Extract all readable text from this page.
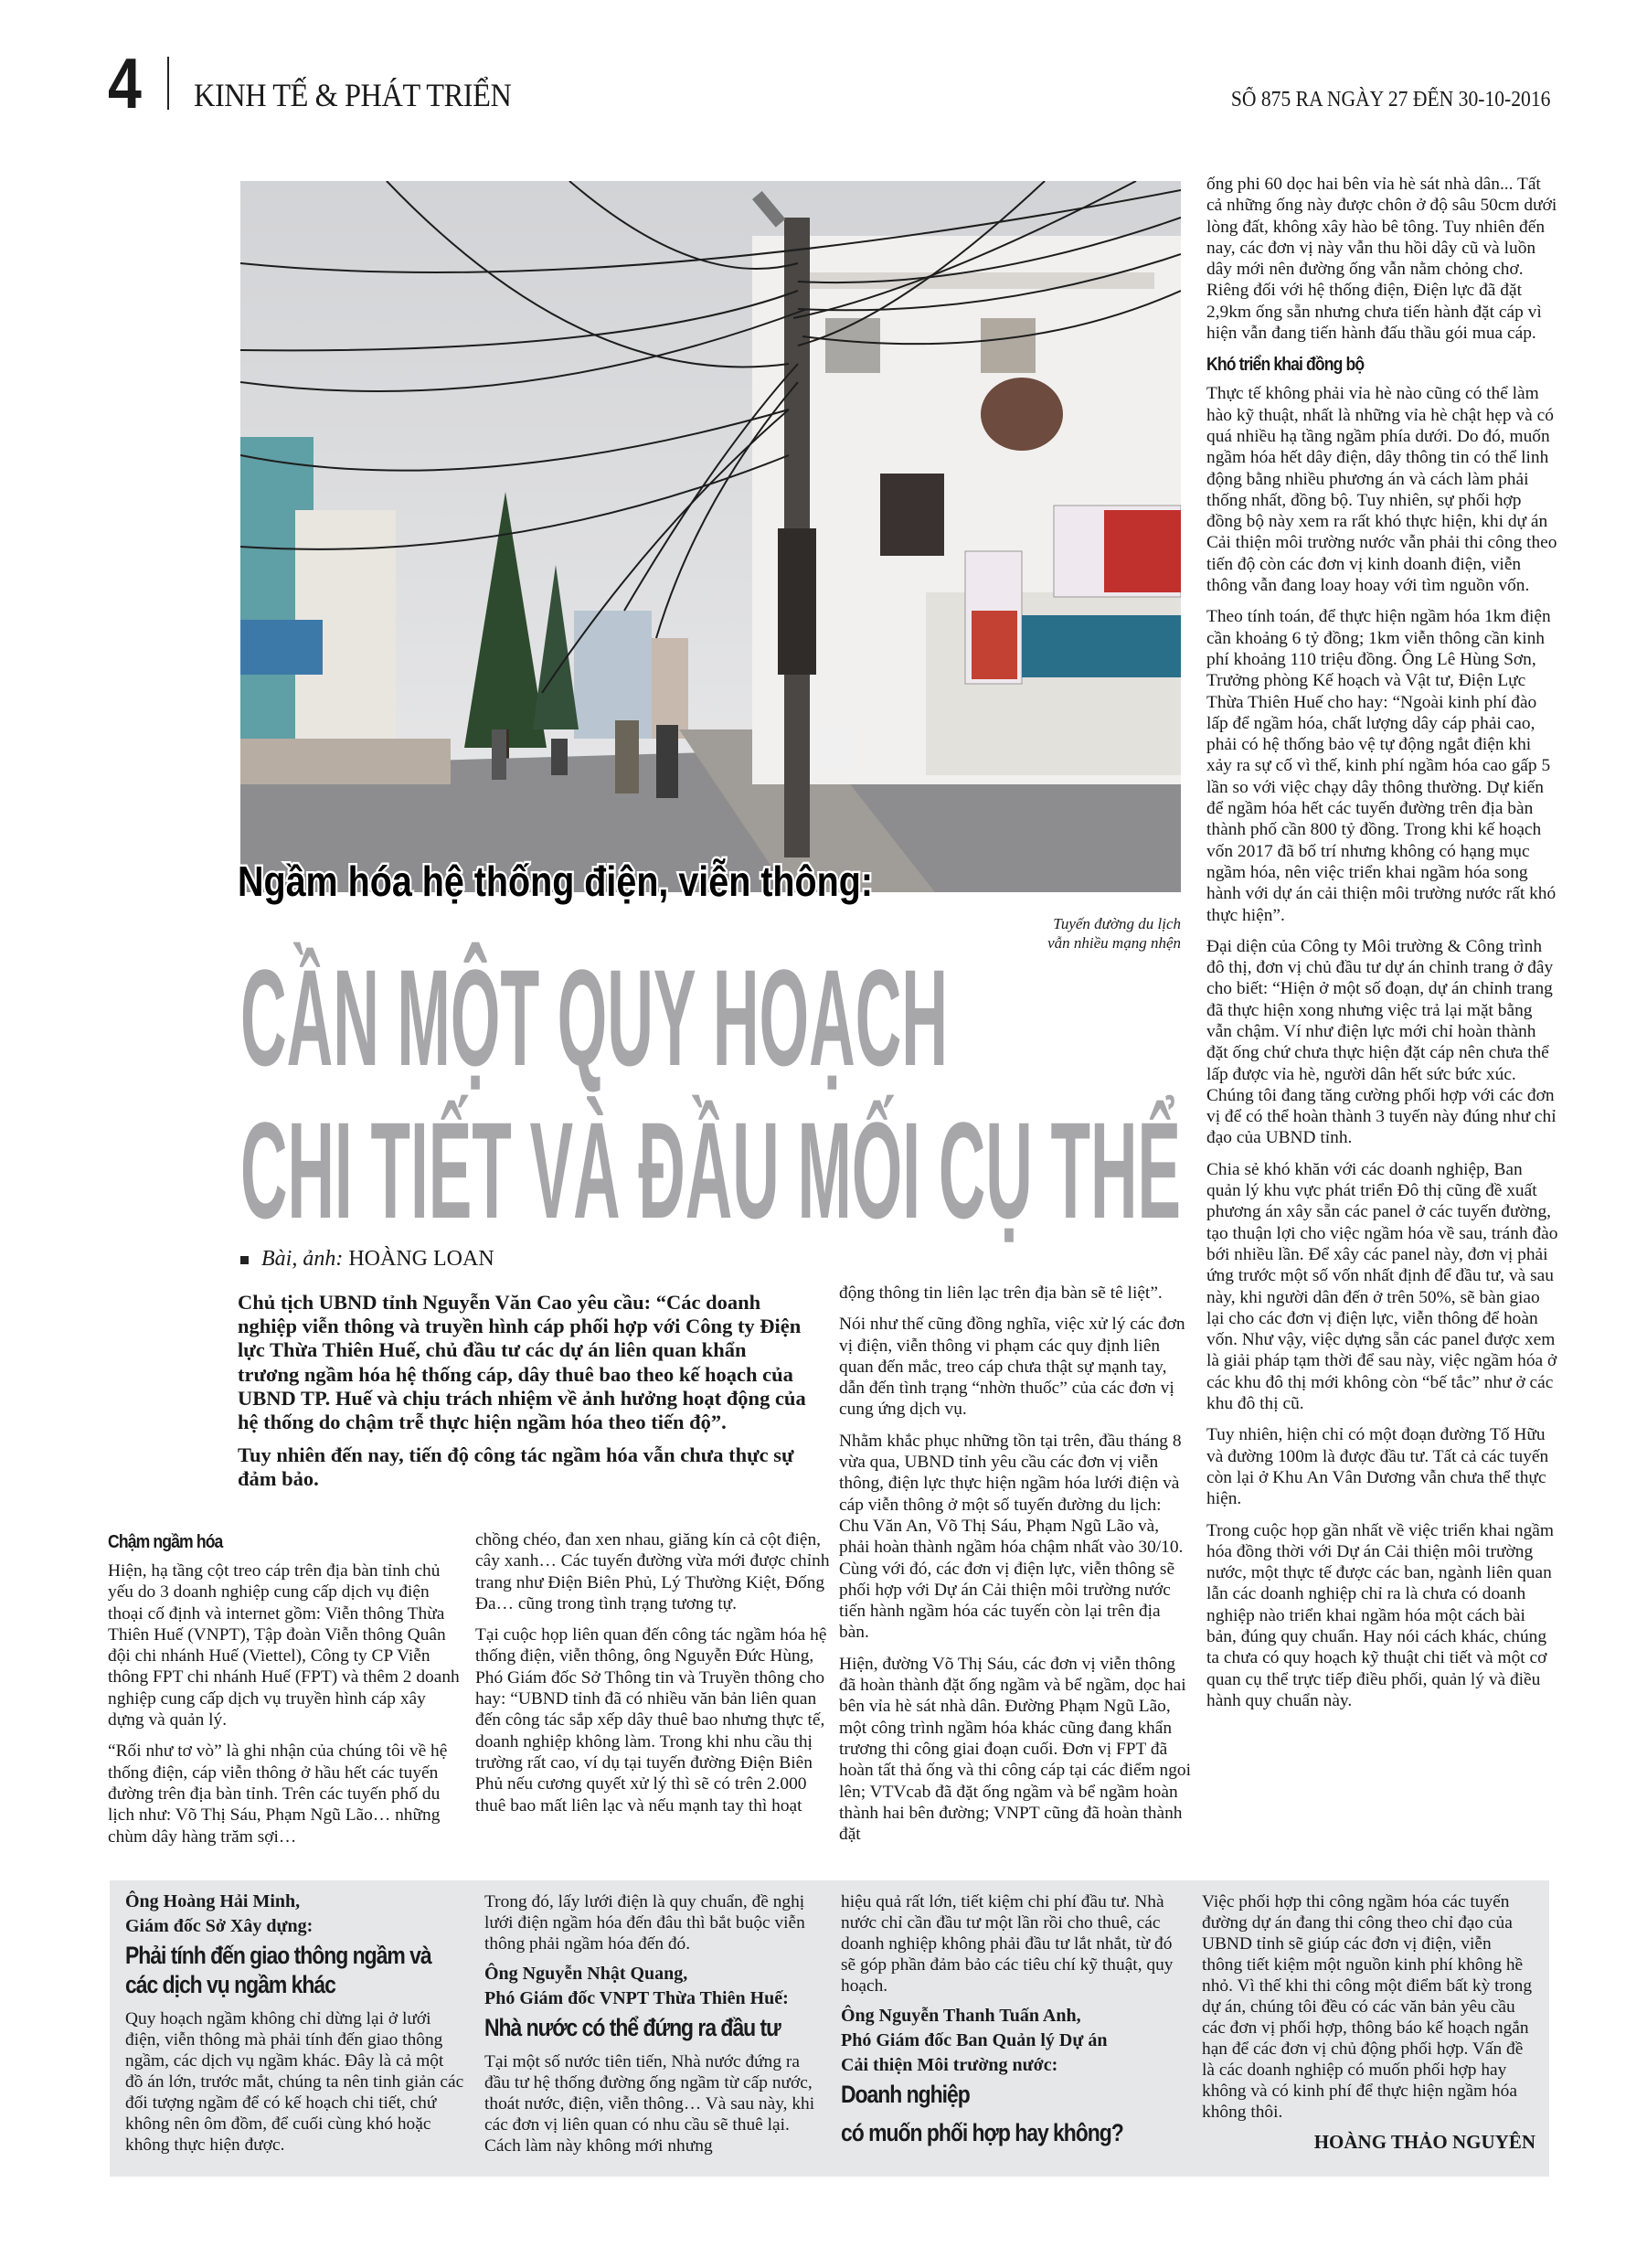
4 KINH TẾ & PHÁT TRIỂN	SỐ 875 RA NGÀY 27 ĐẾN 30-10-2016
Ngầm hóa hệ thống điện, viễn thông:
Tuyến đường du lịch
vẫn nhiều mạng nhện
CẦN MỘT QUY HOẠCH
CHI TIẾT VÀ ĐẦU MỐI CỤ THỂ
Bài, ảnh: HOÀNG LOAN

Chủ tịch UBND tỉnh Nguyễn Văn Cao yêu cầu: “Các doanh nghiệp viễn thông và truyền hình cáp phối hợp với Công ty Điện lực Thừa Thiên Huế, chủ đầu tư các dự án liên quan khẩn trương ngầm hóa hệ thống cáp, dây thuê bao theo kế hoạch của UBND TP. Huế và chịu trách nhiệm về ảnh hưởng hoạt động của hệ thống do chậm trễ thực hiện ngầm hóa theo tiến độ”.

Tuy nhiên đến nay, tiến độ công tác ngầm hóa vẫn chưa thực sự đảm bảo.

Chậm ngầm hóa

Hiện, hạ tầng cột treo cáp trên địa bàn tỉnh chủ yếu do 3 doanh nghiệp cung cấp dịch vụ điện thoại cố định và internet gồm: Viễn thông Thừa Thiên Huế (VNPT), Tập đoàn Viễn thông Quân đội chi nhánh Huế (Viettel), Công ty CP Viễn thông FPT chi nhánh Huế (FPT) và thêm 2 doanh nghiệp cung cấp dịch vụ truyền hình cáp xây dựng và quản lý.

“Rối như tơ vò” là ghi nhận của chúng tôi về hệ thống điện, cáp viễn thông ở hầu hết các tuyến đường trên địa bàn tỉnh. Trên các tuyến phố du lịch như: Võ Thị Sáu, Phạm Ngũ Lão… những chùm dây hàng trăm sợi…

chồng chéo, đan xen nhau, giăng kín cả cột điện, cây xanh… Các tuyến đường vừa mới được chỉnh trang như Điện Biên Phủ, Lý Thường Kiệt, Đống Đa… cũng trong tình trạng tương tự.

Tại cuộc họp liên quan đến công tác ngầm hóa hệ thống điện, viễn thông, ông Nguyễn Đức Hùng, Phó Giám đốc Sở Thông tin và Truyền thông cho hay: “UBND tỉnh đã có nhiều văn bản liên quan đến công tác sắp xếp dây thuê bao nhưng thực tế, doanh nghiệp không làm. Trong khi nhu cầu thị trường rất cao, ví dụ tại tuyến đường Điện Biên Phủ nếu cương quyết xử lý thì sẽ có trên 2.000 thuê bao mất liên lạc và nếu mạnh tay thì hoạt

động thông tin liên lạc trên địa bàn sẽ tê liệt”.

Nói như thế cũng đồng nghĩa, việc xử lý các đơn vị điện, viễn thông vi phạm các quy định liên quan đến mắc, treo cáp chưa thật sự mạnh tay, dẫn đến tình trạng “nhờn thuốc” của các đơn vị cung ứng dịch vụ.

Nhằm khắc phục những tồn tại trên, đầu tháng 8 vừa qua, UBND tỉnh yêu cầu các đơn vị viễn thông, điện lực thực hiện ngầm hóa lưới điện và cáp viễn thông ở một số tuyến đường du lịch: Chu Văn An, Võ Thị Sáu, Phạm Ngũ Lão và, phải hoàn thành ngầm hóa chậm nhất vào 30/10. Cùng với đó, các đơn vị điện lực, viễn thông sẽ phối hợp với Dự án Cải thiện môi trường nước tiến hành ngầm hóa các tuyến còn lại trên địa bàn.

Hiện, đường Võ Thị Sáu, các đơn vị viễn thông đã hoàn thành đặt ống ngầm và bể ngầm, dọc hai bên vỉa hè sát nhà dân. Đường Phạm Ngũ Lão, một công trình ngầm hóa khác cũng đang khẩn trương thi công giai đoạn cuối. Đơn vị FPT đã hoàn tất thả ống và thi công cáp tại các điểm ngoi lên; VTVcab đã đặt ống ngầm và bể ngầm hoàn thành hai bên đường; VNPT cũng đã hoàn thành đặt

ống phi 60 dọc hai bên vỉa hè sát nhà dân... Tất cả những ống này được chôn ở độ sâu 50cm dưới lòng đất, không xây hào bê tông. Tuy nhiên đến nay, các đơn vị này vẫn thu hồi dây cũ và luồn dây mới nên đường ống vẫn nằm chỏng chơ. Riêng đối với hệ thống điện, Điện lực đã đặt 2,9km ống sẵn nhưng chưa tiến hành đặt cáp vì hiện vẫn đang tiến hành đấu thầu gói mua cáp.

Khó triển khai đồng bộ

Thực tế không phải vỉa hè nào cũng có thể làm hào kỹ thuật, nhất là những vỉa hè chật hẹp và có quá nhiều hạ tầng ngầm phía dưới. Do đó, muốn ngầm hóa hết dây điện, dây thông tin có thể linh động bằng nhiều phương án và cách làm phải thống nhất, đồng bộ. Tuy nhiên, sự phối hợp đồng bộ này xem ra rất khó thực hiện, khi dự án Cải thiện môi trường nước vẫn phải thi công theo tiến độ còn các đơn vị kinh doanh điện, viễn thông vẫn đang loay hoay với tìm nguồn vốn.

Theo tính toán, để thực hiện ngầm hóa 1km điện cần khoảng 6 tỷ đồng; 1km viễn thông cần kinh phí khoảng 110 triệu đồng. Ông Lê Hùng Sơn, Trưởng phòng Kế hoạch và Vật tư, Điện Lực Thừa Thiên Huế cho hay: “Ngoài kinh phí đào lấp để ngầm hóa, chất lượng dây cáp phải cao, phải có hệ thống bảo vệ tự động ngắt điện khi xảy ra sự cố vì thế, kinh phí ngầm hóa cao gấp 5 lần so với việc chạy dây thông thường. Dự kiến để ngầm hóa hết các tuyến đường trên địa bàn thành phố cần 800 tỷ đồng. Trong khi kế hoạch vốn 2017 đã bố trí nhưng không có hạng mục ngầm hóa, nên việc triển khai ngầm hóa song hành với dự án cải thiện môi trường nước rất khó thực hiện”.

Đại diện của Công ty Môi trường & Công trình đô thị, đơn vị chủ đầu tư dự án chỉnh trang ở đây cho biết: “Hiện ở một số đoạn, dự án chỉnh trang đã thực hiện xong nhưng việc trả lại mặt bằng vẫn chậm. Ví như điện lực mới chỉ hoàn thành đặt ống chứ chưa thực hiện đặt cáp nên chưa thể lấp được vỉa hè, người dân hết sức bức xúc. Chúng tôi đang tăng cường phối hợp với các đơn vị để có thể hoàn thành 3 tuyến này đúng như chỉ đạo của UBND tỉnh.

Chia sẻ khó khăn với các doanh nghiệp, Ban quản lý khu vực phát triển Đô thị cũng đề xuất phương án xây sẵn các panel ở các tuyến đường, tạo thuận lợi cho việc ngầm hóa về sau, tránh đào bới nhiều lần. Để xây các panel này, đơn vị phải ứng trước một số vốn nhất định để đầu tư, và sau này, khi người dân đến ở trên 50%, sẽ bàn giao lại cho các đơn vị điện lực, viễn thông để hoàn vốn. Như vậy, việc dựng sẵn các panel được xem là giải pháp tạm thời để sau này, việc ngầm hóa ở các khu đô thị mới không còn “bế tắc” như ở các khu đô thị cũ.

Tuy nhiên, hiện chỉ có một đoạn đường Tố Hữu và đường 100m là được đầu tư. Tất cả các tuyến còn lại ở Khu An Vân Dương vẫn chưa thể thực hiện.

Trong cuộc họp gần nhất về việc triển khai ngầm hóa đồng thời với Dự án Cải thiện môi trường nước, một thực tế được các ban, ngành liên quan lẫn các doanh nghiệp chỉ ra là chưa có doanh nghiệp nào triển khai ngầm hóa một cách bài bản, đúng quy chuẩn. Hay nói cách khác, chúng ta chưa có quy hoạch kỹ thuật chi tiết và một cơ quan cụ thể trực tiếp điều phối, quản lý và điều hành quy chuẩn này.

Ông Hoàng Hải Minh,
Giám đốc Sở Xây dựng:
Phải tính đến giao thông ngầm và các dịch vụ ngầm khác

Quy hoạch ngầm không chỉ dừng lại ở lưới điện, viễn thông mà phải tính đến giao thông ngầm, các dịch vụ ngầm khác. Đây là cả một đồ án lớn, trước mắt, chúng ta nên tinh giản các đối tượng ngầm để có kế hoạch chi tiết, chứ không nên ôm đồm, để cuối cùng khó hoặc không thực hiện được.

Trong đó, lấy lưới điện là quy chuẩn, đề nghị lưới điện ngầm hóa đến đâu thì bắt buộc viễn thông phải ngầm hóa đến đó.

Ông Nguyễn Nhật Quang,
Phó Giám đốc VNPT Thừa Thiên Huế:
Nhà nước có thể đứng ra đầu tư

Tại một số nước tiên tiến, Nhà nước đứng ra đầu tư hệ thống đường ống ngầm từ cấp nước, thoát nước, điện, viễn thông… Và sau này, khi các đơn vị liên quan có nhu cầu sẽ thuê lại. Cách làm này không mới nhưng

hiệu quả rất lớn, tiết kiệm chi phí đầu tư. Nhà nước chỉ cần đầu tư một lần rồi cho thuê, các doanh nghiệp không phải đầu tư lắt nhắt, từ đó sẽ góp phần đảm bảo các tiêu chí kỹ thuật, quy hoạch.

Ông Nguyễn Thanh Tuấn Anh,
Phó Giám đốc Ban Quản lý Dự án
Cải thiện Môi trường nước:
Doanh nghiệp
có muốn phối hợp hay không?

Việc phối hợp thi công ngầm hóa các tuyến đường dự án đang thi công theo chỉ đạo của UBND tỉnh sẽ giúp các đơn vị điện, viễn thông tiết kiệm một nguồn kinh phí không hề nhỏ. Vì thế khi thi công một điểm bất kỳ trong dự án, chúng tôi đều có các văn bản yêu cầu các đơn vị phối hợp, thông báo kế hoạch ngắn hạn để các đơn vị chủ động phối hợp. Vấn đề là các doanh nghiệp có muốn phối hợp hay không và có kinh phí để thực hiện ngầm hóa không thôi.

HOÀNG THẢO NGUYÊN
